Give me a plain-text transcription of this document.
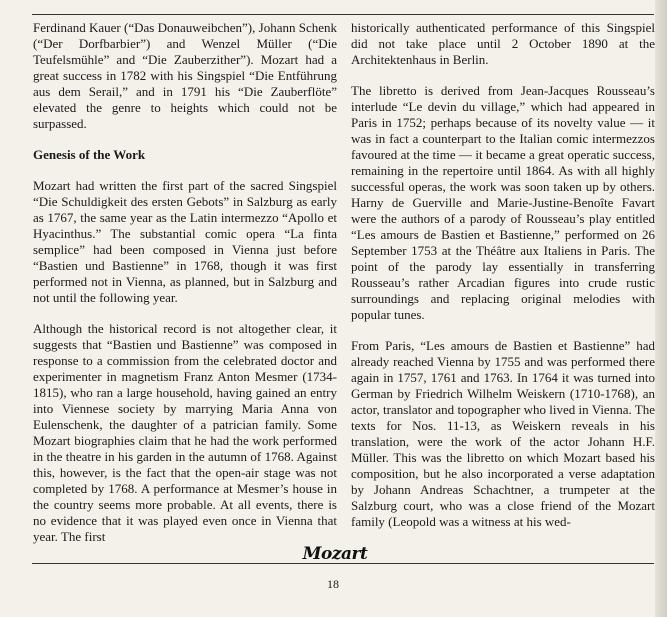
Ferdinand Kauer (“Das Donauweibchen”), Johann Schenk (“Der Dorfbarbier”) and Wenzel Müller (“Die Teufelsmühle” and “Die Zauberzither”). Mozart had a great success in 1782 with his Singspiel “Die Entführung aus dem Serail,” and in 1791 his “Die Zauberflöte” elevated the genre to heights which could not be surpassed.

Genesis of the Work

Mozart had written the first part of the sacred Singspiel “Die Schuldigkeit des ersten Gebots” in Salzburg as early as 1767, the same year as the Latin intermezzo “Apollo et Hyacinthus.” The substantial comic opera “La finta semplice” had been composed in Vienna just before “Bastien und Bastienne” in 1768, though it was first performed not in Vienna, as planned, but in Salzburg and not until the following year.

Although the historical record is not altogether clear, it suggests that “Bastien und Bastienne” was composed in response to a commission from the celebrated doctor and experimenter in magnetism Franz Anton Mesmer (1734-1815), who ran a large household, having gained an entry into Viennese society by marrying Maria Anna von Eulenschenk, the daughter of a patrician family. Some Mozart biographies claim that he had the work performed in the theatre in his garden in the autumn of 1768. Against this, however, is the fact that the open-air stage was not completed by 1768. A performance at Mesmer’s house in the country seems more probable. At all events, there is no evidence that it was played even once in Vienna that year. The first

historically authenticated performance of this Singspiel did not take place until 2 October 1890 at the Architektenhaus in Berlin.

The libretto is derived from Jean-Jacques Rousseau’s interlude “Le devin du village,” which had appeared in Paris in 1752; perhaps because of its novelty value — it was in fact a counterpart to the Italian comic intermezzos favoured at the time — it became a great operatic success, remaining in the repertoire until 1864. As with all highly successful operas, the work was soon taken up by others. Harny de Guerville and Marie-Justine-Benoîte Favart were the authors of a parody of Rousseau’s play entitled “Les amours de Bastien et Bastienne,” performed on 26 September 1753 at the Théâtre aux Italiens in Paris. The point of the parody lay essentially in transferring Rousseau’s rather Arcadian figures into crude rustic surroundings and replacing original melodies with popular tunes.

From Paris, “Les amours de Bastien et Bastienne” had already reached Vienna by 1755 and was performed there again in 1757, 1761 and 1763. In 1764 it was turned into German by Friedrich Wilhelm Weiskern (1710-1768), an actor, translator and topographer who lived in Vienna. The texts for Nos. 11-13, as Weiskern reveals in his translation, were the work of the actor Johann H.F. Müller. This was the libretto on which Mozart based his composition, but he also incorporated a verse adaptation by Johann Andreas Schachtner, a trumpeter at the Salzburg court, who was a close friend of the Mozart family (Leopold was a witness at his wed-

Mozart
18
